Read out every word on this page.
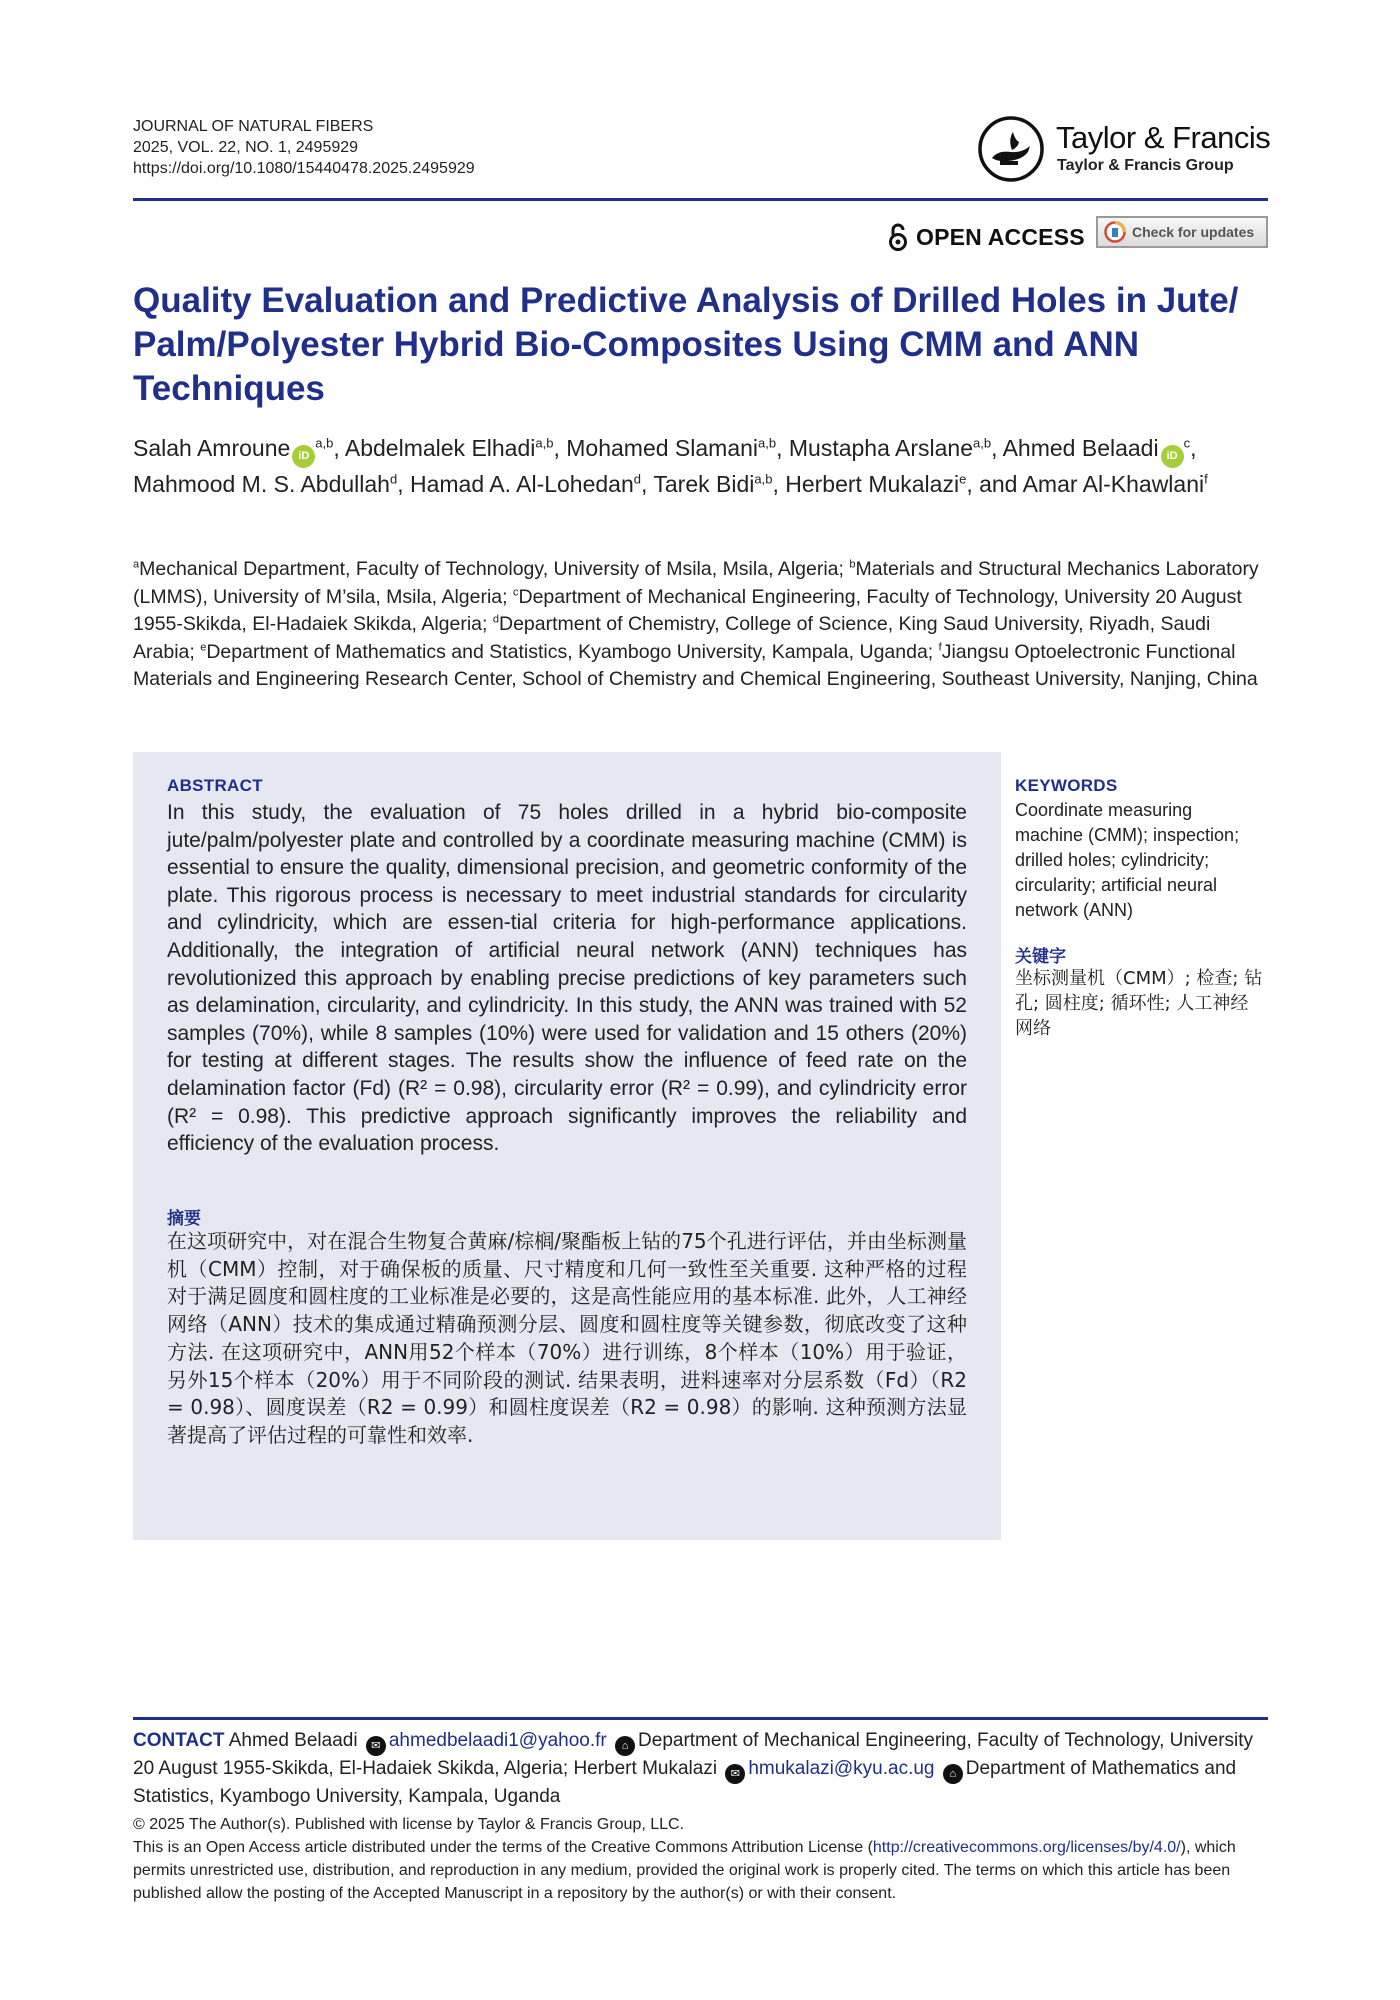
JOURNAL OF NATURAL FIBERS
2025, VOL. 22, NO. 1, 2495929
https://doi.org/10.1080/15440478.2025.2495929
Taylor & Francis
Taylor & Francis Group
OPEN ACCESS	Check for updates
Quality Evaluation and Predictive Analysis of Drilled Holes in Jute/ Palm/Polyester Hybrid Bio-Composites Using CMM and ANN Techniques
Salah Amroune iD$^{a,b}$, Abdelmalek Elhadi$^{a,b}$, Mohamed Slamani$^{a,b}$, Mustapha Arslane$^{a,b}$, Ahmed Belaadi $iD^c$, Mahmood M. S. Abdullah$^d$, Hamad A. Al-Lohedan$^d$, Tarek Bidi$^{a,b}$, Herbert Mukalazi$^e$, and Amar Al-Khawlani$^f$
$^a$Mechanical Department, Faculty of Technology, University of Msila, Msila, Algeria; $^b$Materials and Structural Mechanics Laboratory (LMMS), University of M’sila, Msila, Algeria; $^c$Department of Mechanical Engineering, Faculty of Technology, University 20 August 1955-Skikda, El-Hadaiek Skikda, Algeria; $^d$Department of Chemistry, College of Science, King Saud University, Riyadh, Saudi Arabia; $^e$Department of Mathematics and Statistics, Kyambogo University, Kampala, Uganda; $^f$Jiangsu Optoelectronic Functional Materials and Engineering Research Center, School of Chemistry and Chemical Engineering, Southeast University, Nanjing, China
ABSTRACT

In this study, the evaluation of 75 holes drilled in a hybrid bio-composite jute/palm/polyester plate and controlled by a coordinate measuring machine (CMM) is essential to ensure the quality, dimensional precision, and geometric conformity of the plate. This rigorous process is necessary to meet industrial standards for circularity and cylindricity, which are essen-tial criteria for high-performance applications. Additionally, the integration of artificial neural network (ANN) techniques has revolutionized this approach by enabling precise predictions of key parameters such as delamination, circularity, and cylindricity. In this study, the ANN was trained with 52 samples (70%), while 8 samples (10%) were used for validation and 15 others (20%) for testing at different stages. The results show the influence of feed rate on the delamination factor (Fd) (R² = 0.98), circularity error (R² = 0.99), and cylindricity error (R² = 0.98). This predictive approach significantly improves the reliability and efficiency of the evaluation process.

摘要

在这项研究中，对在混合生物复合黄麻/棕榈/聚酯板上钻的75个孔进行评估，并由坐标测量机（CMM）控制，对于确保板的质量、尺寸精度和几何一致性至关重要. 这种严格的过程对于满足圆度和圆柱度的工业标准是必要的，这是高性能应用的基本标准. 此外，人工神经网络（ANN）技术的集成通过精确预测分层、圆度和圆柱度等关键参数，彻底改变了这种方法. 在这项研究中，ANN用52个样本（70%）进行训练，8个样本（10%）用于验证，另外15个样本（20%）用于不同阶段的测试. 结果表明，进料速率对分层系数（Fd）（R2 = 0.98）、圆度误差（R2 = 0.99）和圆柱度误差（R2 = 0.98）的影响. 这种预测方法显著提高了评估过程的可靠性和效率.

KEYWORDS

Coordinate measuring machine (CMM); inspection; drilled holes; cylindricity; circularity; artificial neural network (ANN)

关键字

坐标测量机（CMM）; 检查; 钻孔; 圆柱度; 循环性; 人工神经网络

CONTACT Ahmed Belaadi ✉ ahmedbelaadi1@yahoo.fr ⌂ Department of Mechanical Engineering, Faculty of Technology, University 20 August 1955-Skikda, El-Hadaiek Skikda, Algeria; Herbert Mukalazi ✉ hmukalazi@kyu.ac.ug ⌂ Department of Mathematics and Statistics, Kyambogo University, Kampala, Uganda
© 2025 The Author(s). Published with license by Taylor & Francis Group, LLC.
This is an Open Access article distributed under the terms of the Creative Commons Attribution License (http://creativecommons.org/licenses/by/4.0/), which permits unrestricted use, distribution, and reproduction in any medium, provided the original work is properly cited. The terms on which this article has been published allow the posting of the Accepted Manuscript in a repository by the author(s) or with their consent.
